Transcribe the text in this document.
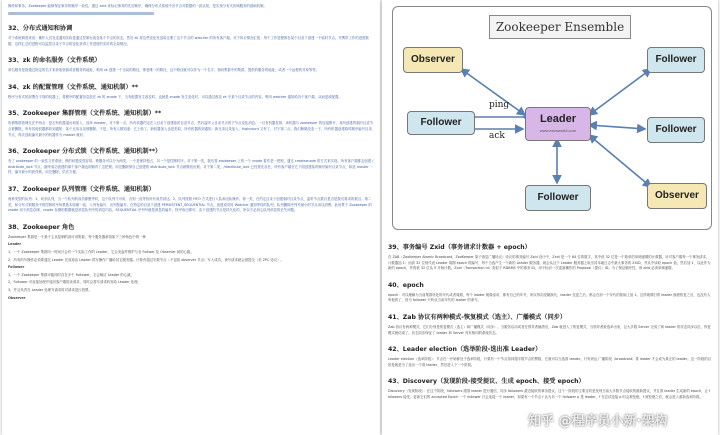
操作和事务。Zookeeper 能够保证事务的顺序一致性，通过 zxid 来标记事务的先后顺序，确保分布式系统中各节点对数据的一致认知，是实现分布式协调服务的基础机制。
32、分布式通知和协调
对于系统调度来说：操作人员发送通知实际是通过控制台改变某个节点的状态，然后 zk 将这些变化发送给注册了这个节点的 watcher 的所有客户端。对于执行情况汇报：每个工作进程都在某个目录下创建一个临时节点。并携带工作的进度数据，这样汇总的进程可以监控目录子节点的变化获得工作进度的实时的全局情况。
33、zk 的命名服务（文件系统）
命名服务是指通过指定的名字来获取资源或者服务的地址，利用 zk 创建一个全局的路径，即是唯一的路径，这个路径就可以作为一个名字，指向集群中的集群，提供的服务的地址，或者一个远程的对象等等。
34、zk 的配置管理（文件系统、通知机制）**
程序分布式的部署在不同的机器上，将程序的配置信息放在 zk 的 znode 下，当有配置发生改变时，也就是 znode 发生变化时，可以通过改变 zk 中某个目录节点的内容，利用 watcher 通知给各个客户端，从而更改配置。
35、Zookeeper 集群管理（文件系统、通知机制）**
所谓集群管理无在乎两点：是否有机器退出和加入、选举 master。对于第一点，所有机器约定在父目录下创建临时目录节点，然后监听父目录节点的子节点变化消息。一旦有机器挂掉，该机器与 zookeeper 的连接断开，其所创建的临时目录节点被删除，所有其他机器都收到通知：某个兄弟目录被删除，于是，所有人都知道：它上船了。新机器加入也是类似，所有机器收到通知：新兄弟目录加入，highcount 又有了，对于第二点，我们稍微改变一下，所有机器创建临时顺序编号目录节点，每次选取编号最小的机器作为 master 就好。
36、Zookeeper 分布式锁（文件系统、通知机制**）
有了 zookeeper 的一致性文件系统，锁的问题变得容易。锁服务可以分为两类，一个是保持独占，另一个是控制时序。对于第一类，我们将 zookeeper 上的一个 znode 看作是一把锁，通过 createznode 的方式来实现。所有客户端都去创建 /distribute_lock 节点，最终成功创建的那个客户端也即拥有了这把锁。用完删除掉自己创建的 distribute_lock 节点就释放出锁。对于第二类，/distribute_lock 已经预先存在，所有客户端在它下面创建临时顺序编号目录节点，和选 master 一样，编号最小的获得锁，用完删除，依次方便。
37、Zookeeper 队列管理（文件系统、通知机制）
两种类型的队列：1、同步队列，当一个队列的成员都聚齐时，这个队列才可用，否则一直等待所有成员到达。2、队列按照 FIFO 方式进行入队和出队操作。第一类，在约定目录下创建临时目录节点，监听节点数目是否是我们要求的数目。第二类，和分布式锁服务中的控制时序场景基本原理一致，入列有编号，出列按编号。在特定的目录下创建 PERSISTENT_SEQUENTIAL 节点，创建成功时 Watcher 通知等待的队列，队列删除序列号最小的节点用以消费。此场景下 Zookeeper 的 znode 用于消息存储，znode 存储的数据就是消息队列中的消息内容，SEQUENTIAL 序列号就是消息的编号，按序取出即可。由于创建的节点是持久化的，所以不必担心队列消息的丢失问题。
38、Zookeeper 角色
Zookeeper 集群是一个基于主从复制的高可用集群，每个服务器承担如下三种角色中的一种
Leader
1、一个 Zookeeper 集群同一时间只会有一个实际工作的 Leader，它会发起并维护与各 Follwer 及 Observer 间的心跳。
2、所有的写操作必须要通过 Leader 完成再由 Leader 将写操作广播给其它服务器。只要有超过半数节点（不包括 observer 节点）写入成功，该写请求就会被提交（类 2PC 协议）。
Follower
1、一个 Zookeeper 集群可能同时存在多个 Follower，它会响应 Leader 的心跳，
2、Follower 可直接处理并返回客户端的读请求，同时会将写请求转发给 Leader 处理，
3、并且负责在 Leader 处理写请求时对请求进行投票。
Observer
Zookeeper Ensemble
Observer	Follower
Follower	Leader
www.eecsworld.com	Follower
Observer
Follower
ping
ack
39、事务编号 Zxid（事务请求计数器 + epoch）
在 ZAB（ZooKeeper Atomic Broadcast，ZooKeeper 原子消息广播协议）协议的事务编号 Zxid 设计中，Zxid 是一个 64 位的数字，其中低 32 位是一个简单的单调递增的计数器，针对客户端每一个事务请求，计数器加 1；而高 32 位则代表 Leader 周期 epoch 的编号，每个当选产生一个新的 Leader 服务器，就会从这个 Leader 服务器上取出其本地日志中最大事务的 ZXID，并从中读取 epoch 值，然后加 1，以此作为新的 epoch，并将低 32 位从 0 开始计数。Zxid（Transaction id）类似于 RDBMS 中的事务 ID，用于标识一次更新操作的 Proposal（提议）ID。为了保证顺序性，该 zkid 必须单调递增。
40、epoch
epoch：可以理解为当前集群所处的年代或者周期，每个 leader 就像皇帝，都有自己的年号，所以每次改朝换代，leader 变更之后，都会在前一个年代的基础上加 1。这样就算旧的 leader 崩溃恢复之后，也没有人听他的了，因为 follower 只听从当前年代的 leader 的命令。
41、Zab 协议有两种模式-恢复模式（选主）、广播模式（同步）
Zab 协议有两种模式，它们分别是恢复模式（选主）和广播模式（同步）。当服务启动或者在领导者崩溃后，Zab 就进入了恢复模式，当领导者被选举出来，且大多数 Server 完成了和 leader 的状态同步以后，恢复模式就结束了。状态同步保证了 leader 和 Server 具有相同的系统状态。
42、Leader election（选举阶段-选出准 Leader）
Leader election（选举阶段）：节点在一开始都处于选举阶段，只要有一个节点得到超半数节点的票数，它就可以当选准 leader。只有到达 广播阶段（broadcast）准 leader 才会成为真正的 leader。这一阶段的目的是就是为了选出一个准 leader，然后进入下一个阶段。
43、Discovery（发现阶段-接受提议、生成 epoch、接受 epoch）
Discovery（发现阶段）：在这个阶段，followers 跟准 leader 进行通信，同步 followers 最近接收的事务提议。这个一阶段的主要目的是发现当前大多数节点接收的最新提议，并且准 leader 生成新的 epoch，让 followers 接受，更新它们的 accepted Epoch 一个 follower 只会连接一个 leader，如果有一个节点 f 认为另一个 follower p 是 leader，f 在尝试连接 p 时会被拒绝，f 被拒绝之后，就会进入重新选举阶段。
知乎 @程序员小新·架构
